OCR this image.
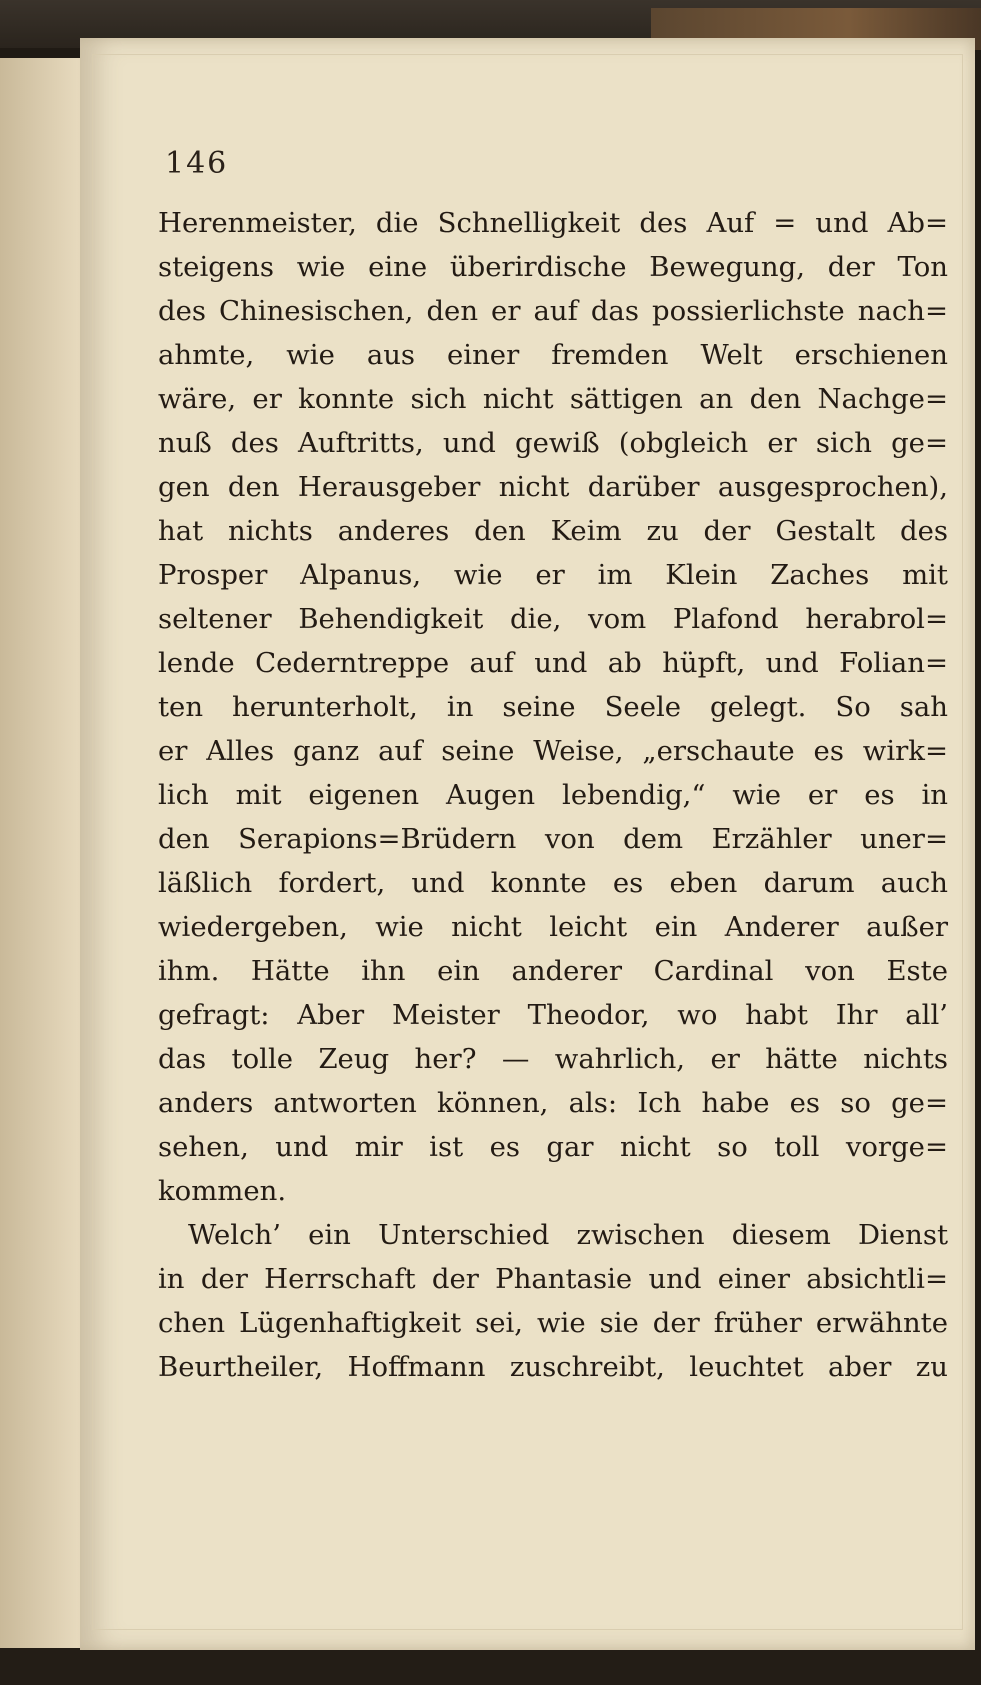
146
Herenmeister, die Schnelligkeit des Auf = und Ab=
steigens wie eine überirdische Bewegung, der Ton
des Chinesischen, den er auf das possierlichste nach=
ahmte, wie aus einer fremden Welt erschienen
wäre, er konnte sich nicht sättigen an den Nachge=
nuß des Auftritts, und gewiß (obgleich er sich ge=
gen den Herausgeber nicht darüber ausgesprochen),
hat nichts anderes den Keim zu der Gestalt des
Prosper Alpanus, wie er im Klein Zaches mit
seltener Behendigkeit die, vom Plafond herabrol=
lende Cederntreppe auf und ab hüpft, und Folian=
ten herunterholt, in seine Seele gelegt. So sah
er Alles ganz auf seine Weise, „erschaute es wirk=
lich mit eigenen Augen lebendig,“ wie er es in
den Serapions=Brüdern von dem Erzähler uner=
läßlich fordert, und konnte es eben darum auch
wiedergeben, wie nicht leicht ein Anderer außer
ihm. Hätte ihn ein anderer Cardinal von Este
gefragt: Aber Meister Theodor, wo habt Ihr all’
das tolle Zeug her? — wahrlich, er hätte nichts
anders antworten können, als: Ich habe es so ge=
sehen, und mir ist es gar nicht so toll vorge=
kommen.
Welch’ ein Unterschied zwischen diesem Dienst
in der Herrschaft der Phantasie und einer absichtli=
chen Lügenhaftigkeit sei, wie sie der früher erwähnte
Beurtheiler, Hoffmann zuschreibt, leuchtet aber zu
